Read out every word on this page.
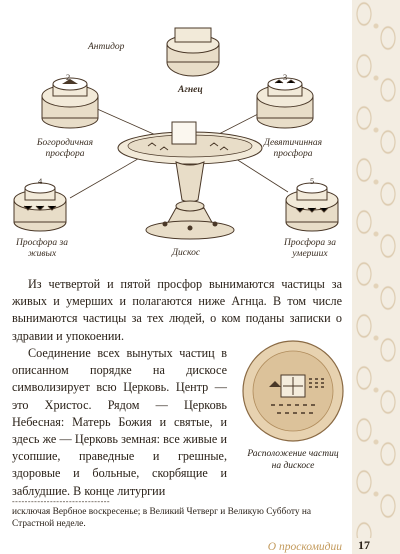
Антидор
Агнец
Богородичная просфора
Девятичинная просфора
Просфора за живых
Просфора за умерших
Дискос
2	3
4	5

Из четвертой и пятой просфор вынимаются частицы за живых и умерших и полагаются ниже Агнца. В том числе вынимаются частицы за тех людей, о ком поданы записки о здравии и упокоении.

Соединение всех вынутых частиц в описанном порядке на дискосе символизирует всю Церковь. Центр — это Христос. Рядом — Церковь Небесная: Матерь Божия и святые, и здесь же — Церковь земная: все живые и усопшие, праведные и грешные, здоровые и больные, скорбящие и заблудшие. В конце литургии

Расположение частиц на дискосе
-------------------------------
исключая Вербное воскресенье; в Великий Четверг и Великую Субботу на Страстной неделе.
О проскомидии 17
